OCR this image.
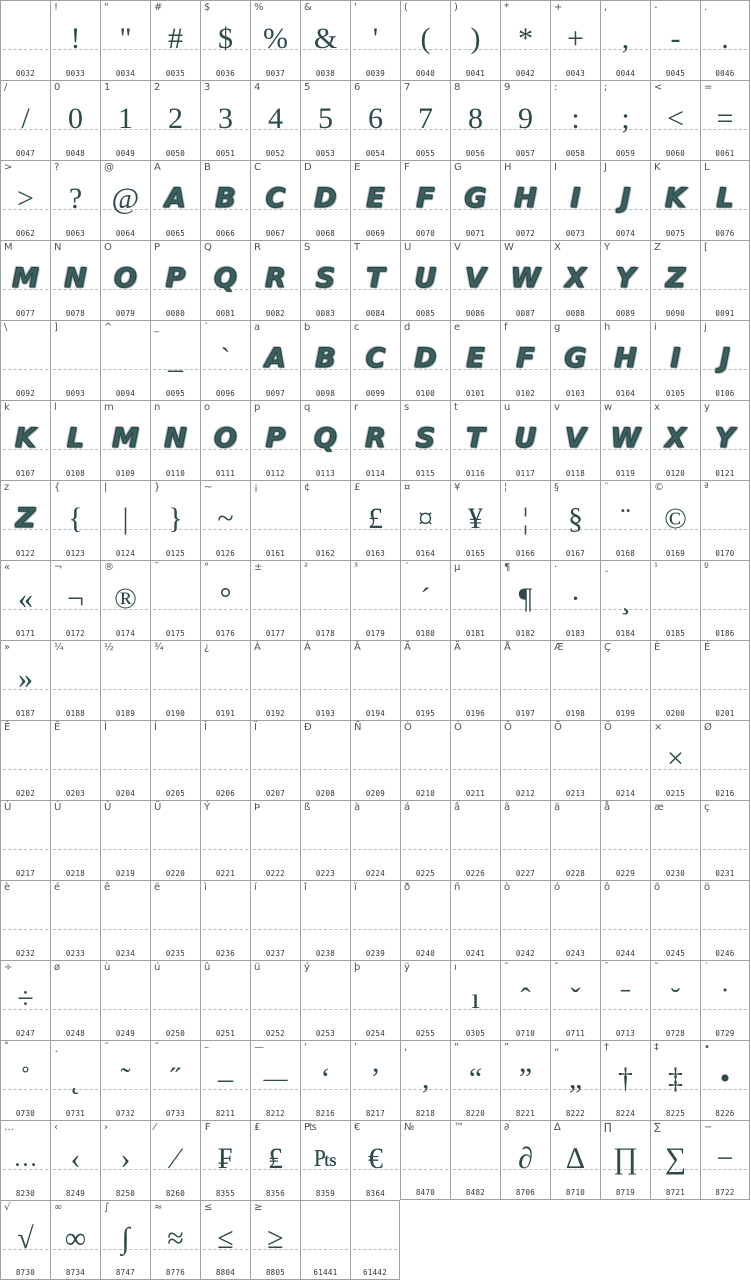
0032
!
!
0033
"
"
0034
#
#
0035
$
$
0036
%
%
0037
&
&
0038
'
'
0039
(
(
0040
)
)
0041
*
*
0042
+
+
0043
,
,
0044
-
-
0045
.
.
0046
/
/
0047
0
0
0048
1
1
0049
2
2
0050
3
3
0051
4
4
0052
5
5
0053
6
6
0054
7
7
0055
8
8
0056
9
9
0057
:
:
0058
;
;
0059
<
<
0060
=
=
0061
>
>
0062
?
?
0063
@
@
0064
A
A
0065
B
B
0066
C
C
0067
D
D
0068
E
E
0069
F
F
0070
G
G
0071
H
H
0072
I
I
0073
J
J
0074
K
K
0075
L
L
0076
M
M
0077
N
N
0078
O
O
0079
P
P
0080
Q
Q
0081
R
R
0082
S
S
0083
T
T
0084
U
U
0085
V
V
0086
W
W
0087
X
X
0088
Y
Y
0089
Z
Z
0090
[
0091
\
0092
]
0093
^
0094
_
_
0095
`
`
0096
a
A
0097
b
B
0098
c
C
0099
d
D
0100
e
E
0101
f
F
0102
g
G
0103
h
H
0104
i
I
0105
j
J
0106
k
K
0107
l
L
0108
m
M
0109
n
N
0110
o
O
0111
p
P
0112
q
Q
0113
r
R
0114
s
S
0115
t
T
0116
u
U
0117
v
V
0118
w
W
0119
x
X
0120
y
Y
0121
z
Z
0122
{
{
0123
|
|
0124
}
}
0125
~
~
0126
¡
0161
¢
0162
£
£
0163
¤
¤
0164
¥
¥
0165
¦
¦
0166
§
§
0167
¨
¨
0168
©
©
0169
ª
0170
«
«
0171
¬
¬
0172
®
®
0174
¯
0175
°
°
0176
±
0177
²
0178
³
0179
´
´
0180
µ
0181
¶
¶
0182
·
·
0183
¸
¸
0184
¹
0185
º
0186
»
»
0187
¼
0188
½
0189
¾
0190
¿
0191
À
0192
Á
0193
Â
0194
Ã
0195
Ä
0196
Å
0197
Æ
0198
Ç
0199
È
0200
É
0201
Ê
0202
Ë
0203
Ì
0204
Í
0205
Î
0206
Ï
0207
Ð
0208
Ñ
0209
Ò
0210
Ó
0211
Ô
0212
Õ
0213
Ö
0214
×
×
0215
Ø
0216
Ù
0217
Ú
0218
Û
0219
Ü
0220
Ý
0221
Þ
0222
ß
0223
à
0224
á
0225
â
0226
ã
0227
ä
0228
å
0229
æ
0230
ç
0231
è
0232
é
0233
ê
0234
ë
0235
ì
0236
í
0237
î
0238
ï
0239
ð
0240
ñ
0241
ò
0242
ó
0243
ô
0244
õ
0245
ö
0246
÷
÷
0247
ø
0248
ù
0249
ú
0250
û
0251
ü
0252
ý
0253
þ
0254
ÿ
0255
ı
ı
0305
ˆ
ˆ
0710
ˇ
ˇ
0711
ˉ
ˉ
0713
˘
˘
0728
˙
˙
0729
˚
˚
0730
˛
˛
0731
˜
˜
0732
˝
˝
0733
–
–
8211
—
—
8212
‘
‘
8216
’
’
8217
‚
‚
8218
“
“
8220
”
”
8221
„
„
8222
†
†
8224
‡
‡
8225
•
•
8226
…
…
8230
‹
‹
8249
›
›
8250
⁄
⁄
8260
₣
₣
8355
₤
₤
8356
₧
₧
8359
€
€
8364
№
8470
™
8482
∂
∂
8706
∆
∆
8710
∏
∏
8719
∑
∑
8721
−
−
8722
√
√
8730
∞
∞
8734
∫
∫
8747
≈
≈
8776
≤
≤
8804
≥
≥
8805	61441	61442
